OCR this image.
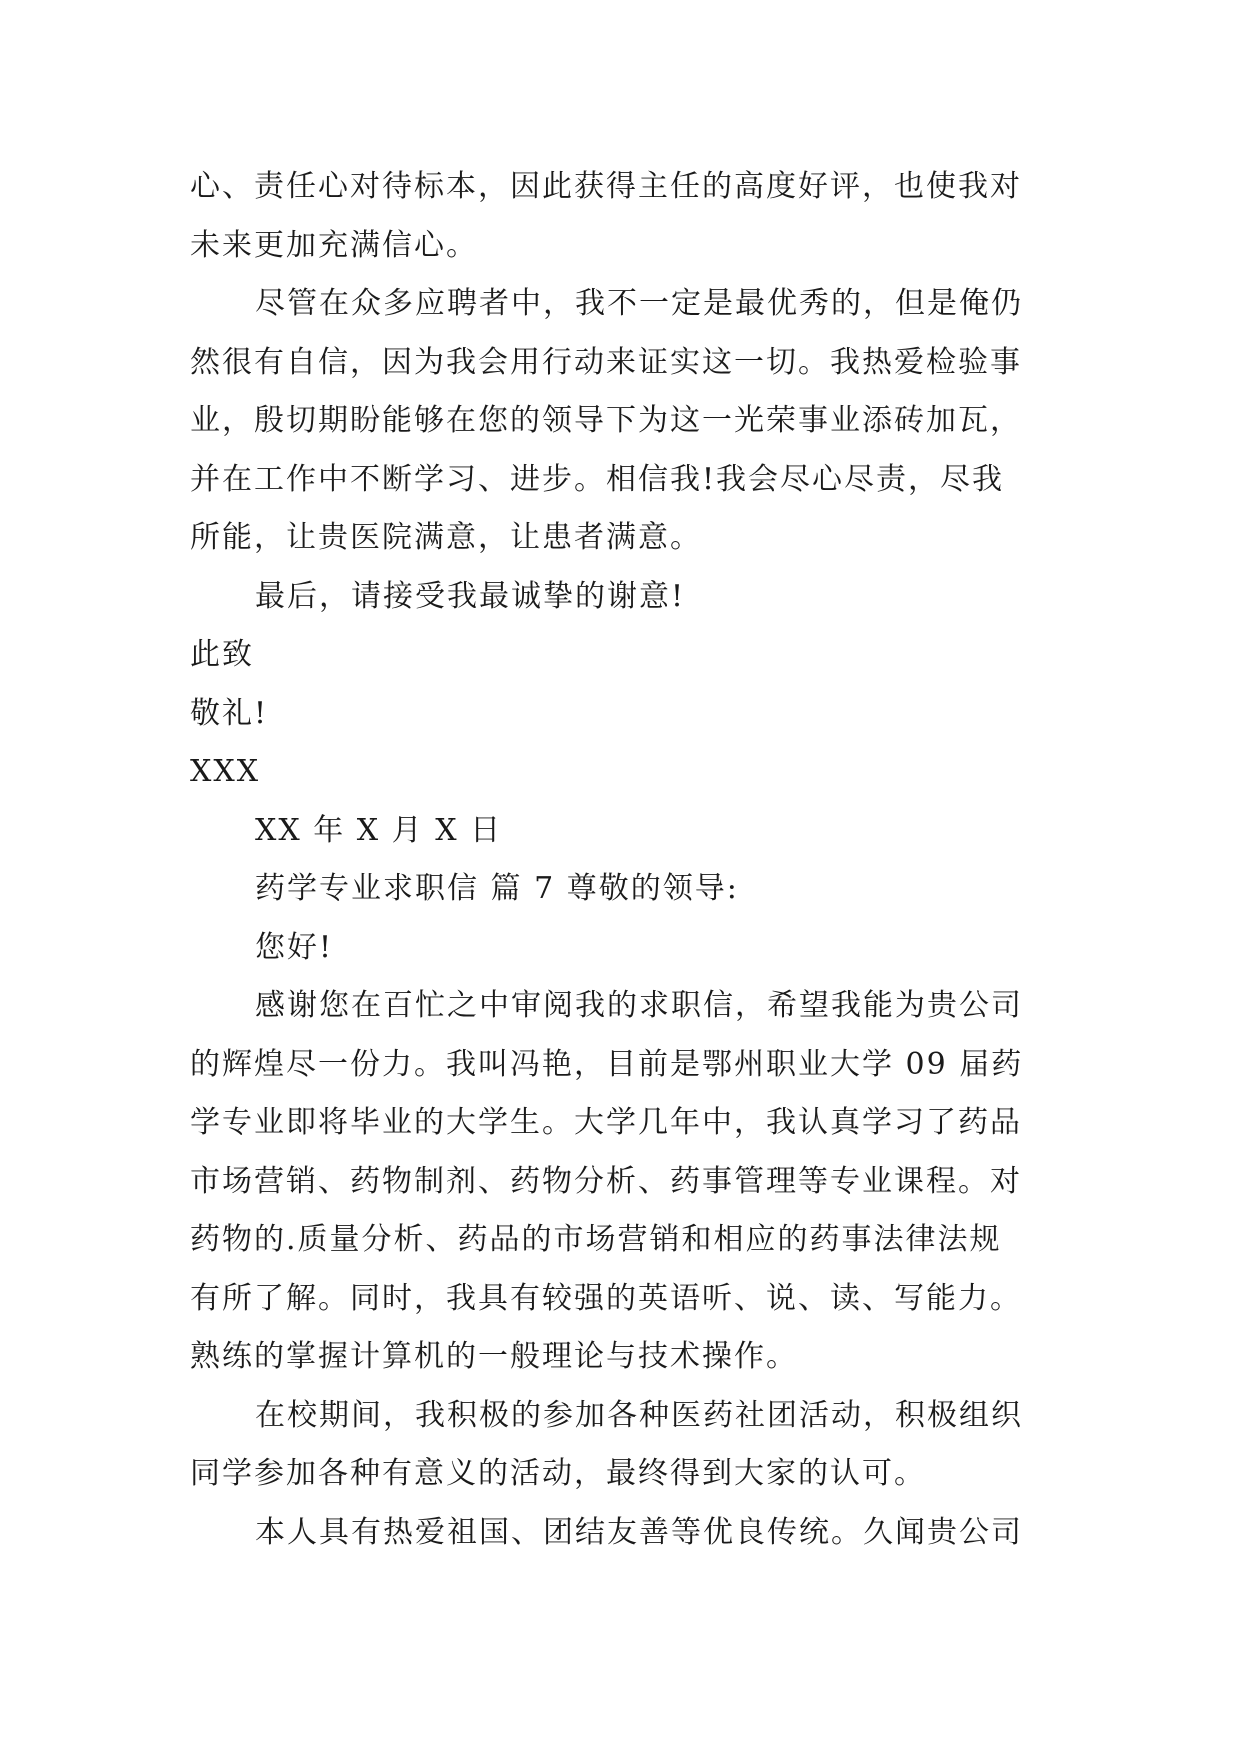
心、责任心对待标本，因此获得主任的高度好评，也使我对
未来更加充满信心。
尽管在众多应聘者中，我不一定是最优秀的，但是俺仍
然很有自信，因为我会用行动来证实这一切。我热爱检验事
业，殷切期盼能够在您的领导下为这一光荣事业添砖加瓦，
并在工作中不断学习、进步。相信我!我会尽心尽责，尽我
所能，让贵医院满意，让患者满意。
最后，请接受我最诚挚的谢意!
此致
敬礼!
XXX
XX 年 X 月 X 日
药学专业求职信 篇 7 尊敬的领导:
您好!
感谢您在百忙之中审阅我的求职信，希望我能为贵公司
的辉煌尽一份力。我叫冯艳，目前是鄂州职业大学 09 届药
学专业即将毕业的大学生。大学几年中，我认真学习了药品
市场营销、药物制剂、药物分析、药事管理等专业课程。对
药物的.质量分析、药品的市场营销和相应的药事法律法规
有所了解。同时，我具有较强的英语听、说、读、写能力。
熟练的掌握计算机的一般理论与技术操作。
在校期间，我积极的参加各种医药社团活动，积极组织
同学参加各种有意义的活动，最终得到大家的认可。
本人具有热爱祖国、团结友善等优良传统。久闻贵公司
